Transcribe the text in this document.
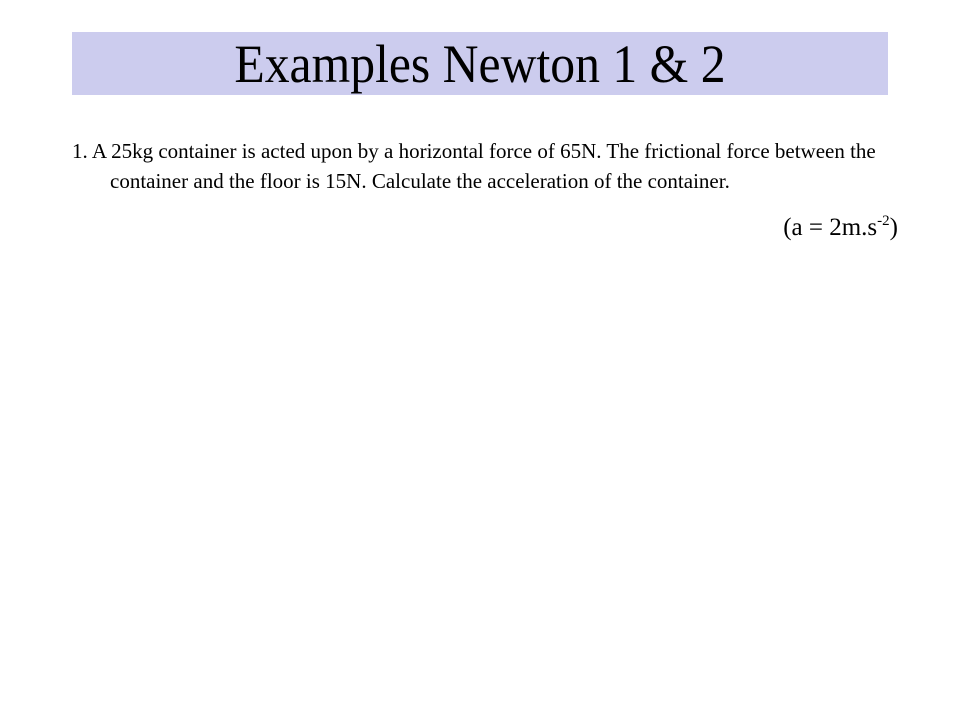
Examples Newton 1 & 2

1. A 25kg container is acted upon by a horizontal force of 65N. The frictional force between the container and the floor is 15N. Calculate the acceleration of the container.

$(a = 2m.s^{-2})$
